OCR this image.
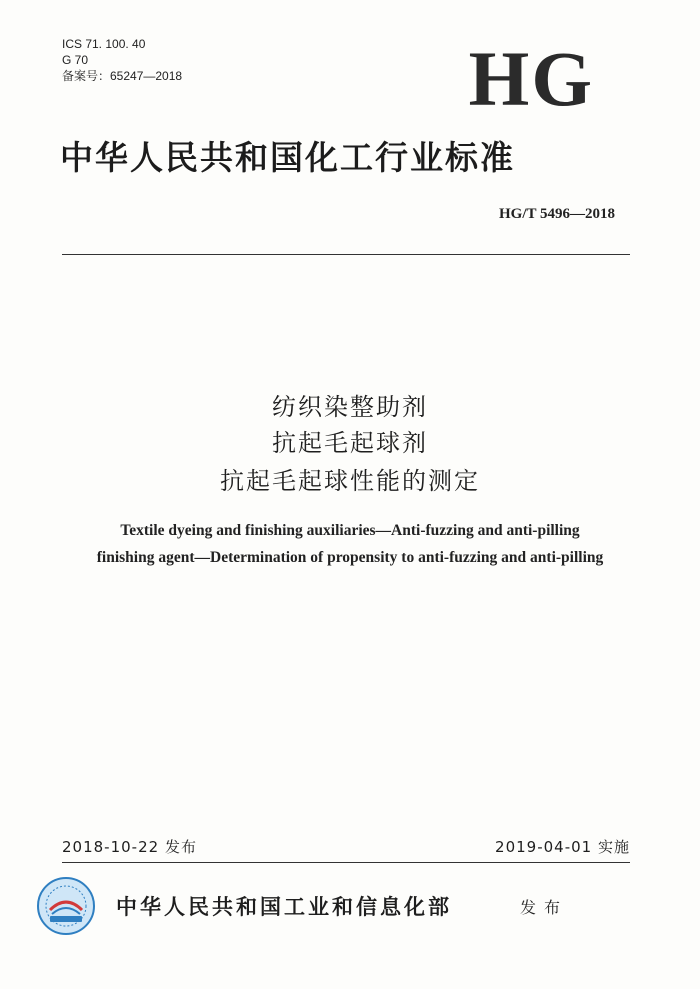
ICS 71. 100. 40
G 70
备案号：65247—2018	HG
中华人民共和国化工行业标准
HG/T 5496—2018
纺织染整助剂
抗起毛起球剂
抗起毛起球性能的测定
Textile dyeing and finishing auxiliaries—Anti-fuzzing and anti-pilling
finishing agent—Determination of propensity to anti-fuzzing and anti-pilling
2018-10-22 发布	2019-04-01 实施
中华人民共和国工业和信息化部	发布
